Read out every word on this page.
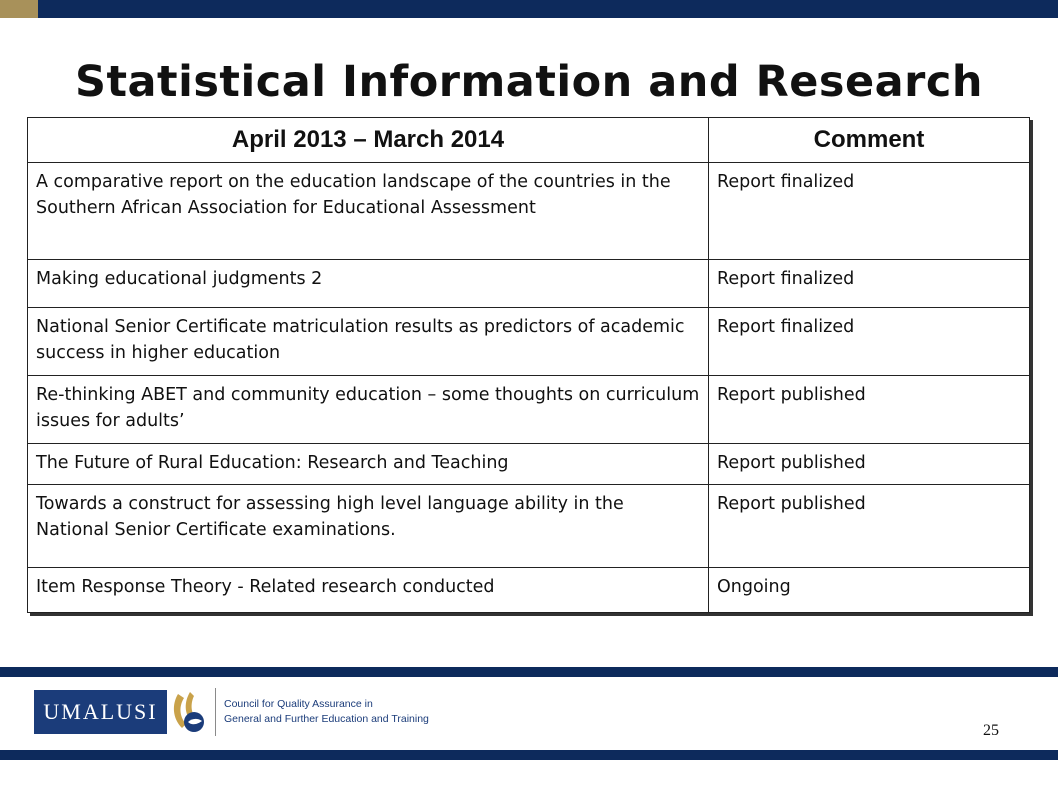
Statistical Information and Research
April 2013 – March 2014	Comment
A comparative report on the education landscape of the countries in the Southern African Association for Educational Assessment	Report finalized
Making educational judgments 2	Report finalized
National Senior Certificate matriculation results as predictors of academic success in higher education	Report finalized
Re-thinking ABET and community education – some thoughts on curriculum issues for adults’	Report published
The Future of Rural Education: Research and Teaching	Report published
Towards a construct for assessing high level language ability in the National Senior Certificate examinations.	Report published
Item Response Theory - Related research conducted	Ongoing
UMALUSI	Council for Quality Assurance in
General and Further Education and Training
25
